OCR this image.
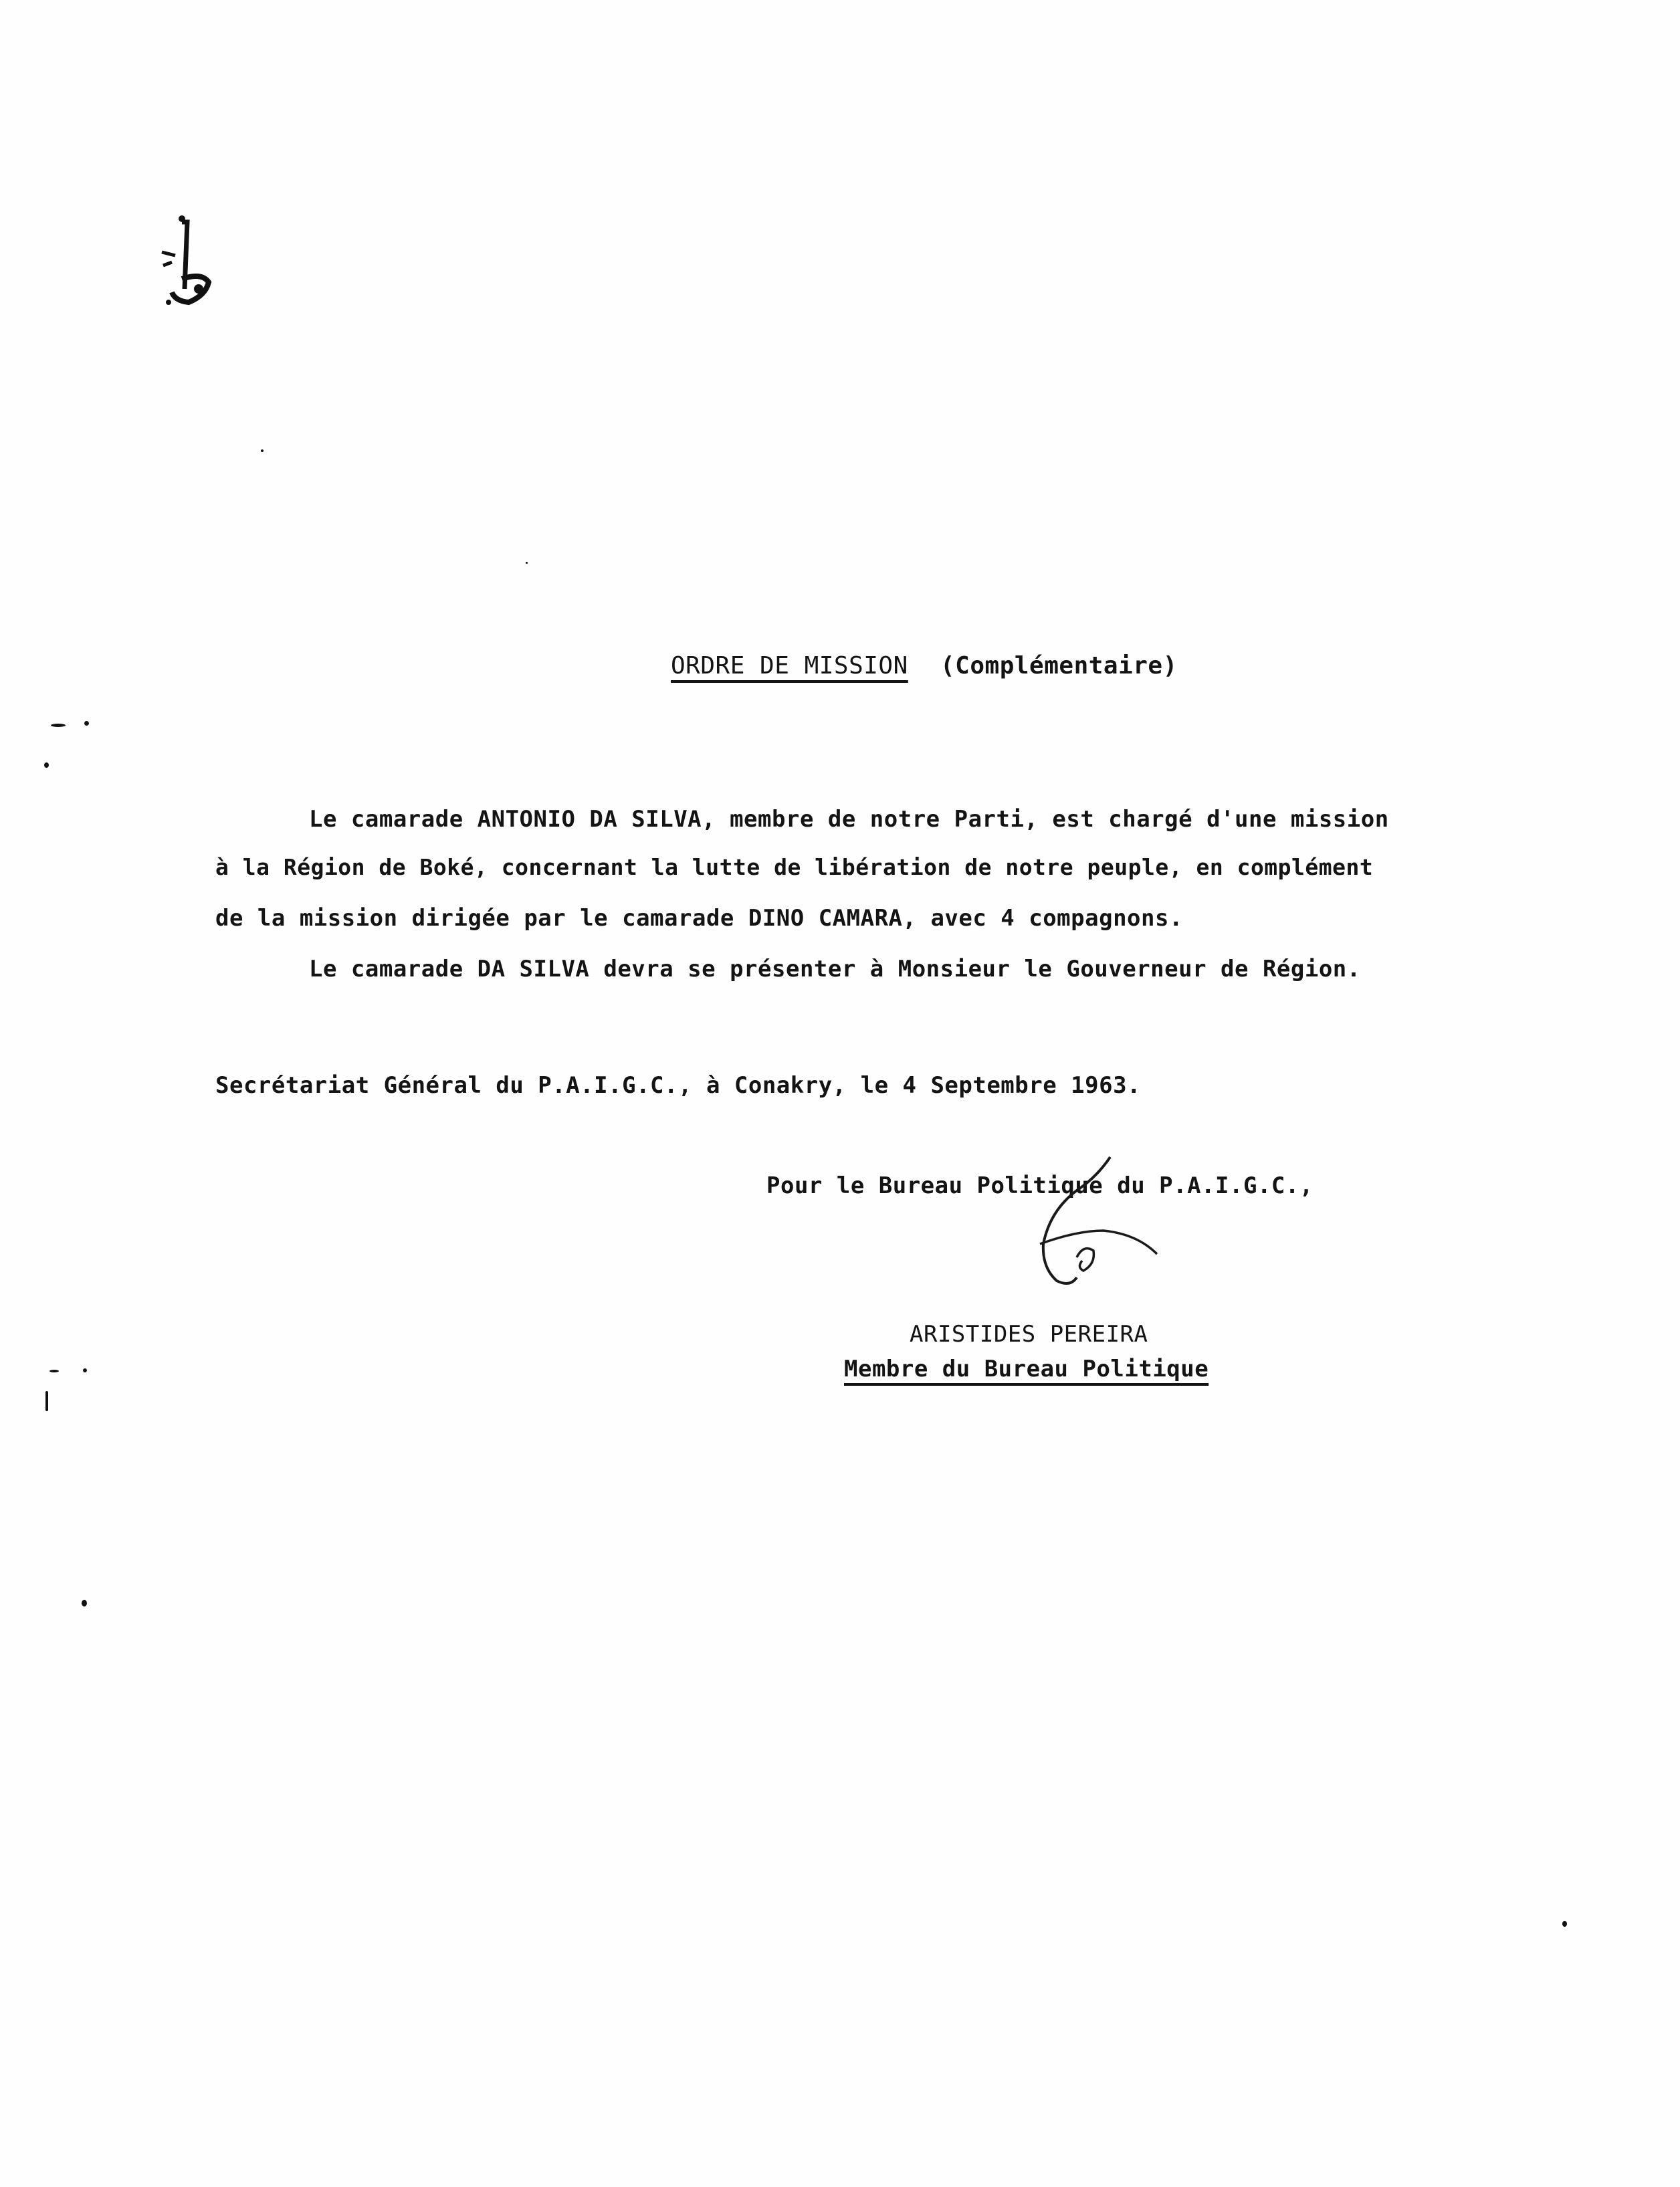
ORDRE DE MISSION (Complémentaire)
Le camarade ANTONIO DA SILVA, membre de notre Parti, est chargé d'une mission
à la Région de Boké, concernant la lutte de libération de notre peuple, en complément
de la mission dirigée par le camarade DINO CAMARA, avec 4 compagnons.
Le camarade DA SILVA devra se présenter à Monsieur le Gouverneur de Région.
Secrétariat Général du P.A.I.G.C., à Conakry, le 4 Septembre 1963.
Pour le Bureau Politique du P.A.I.G.C.,
ARISTIDES PEREIRA
Membre du Bureau Politique
